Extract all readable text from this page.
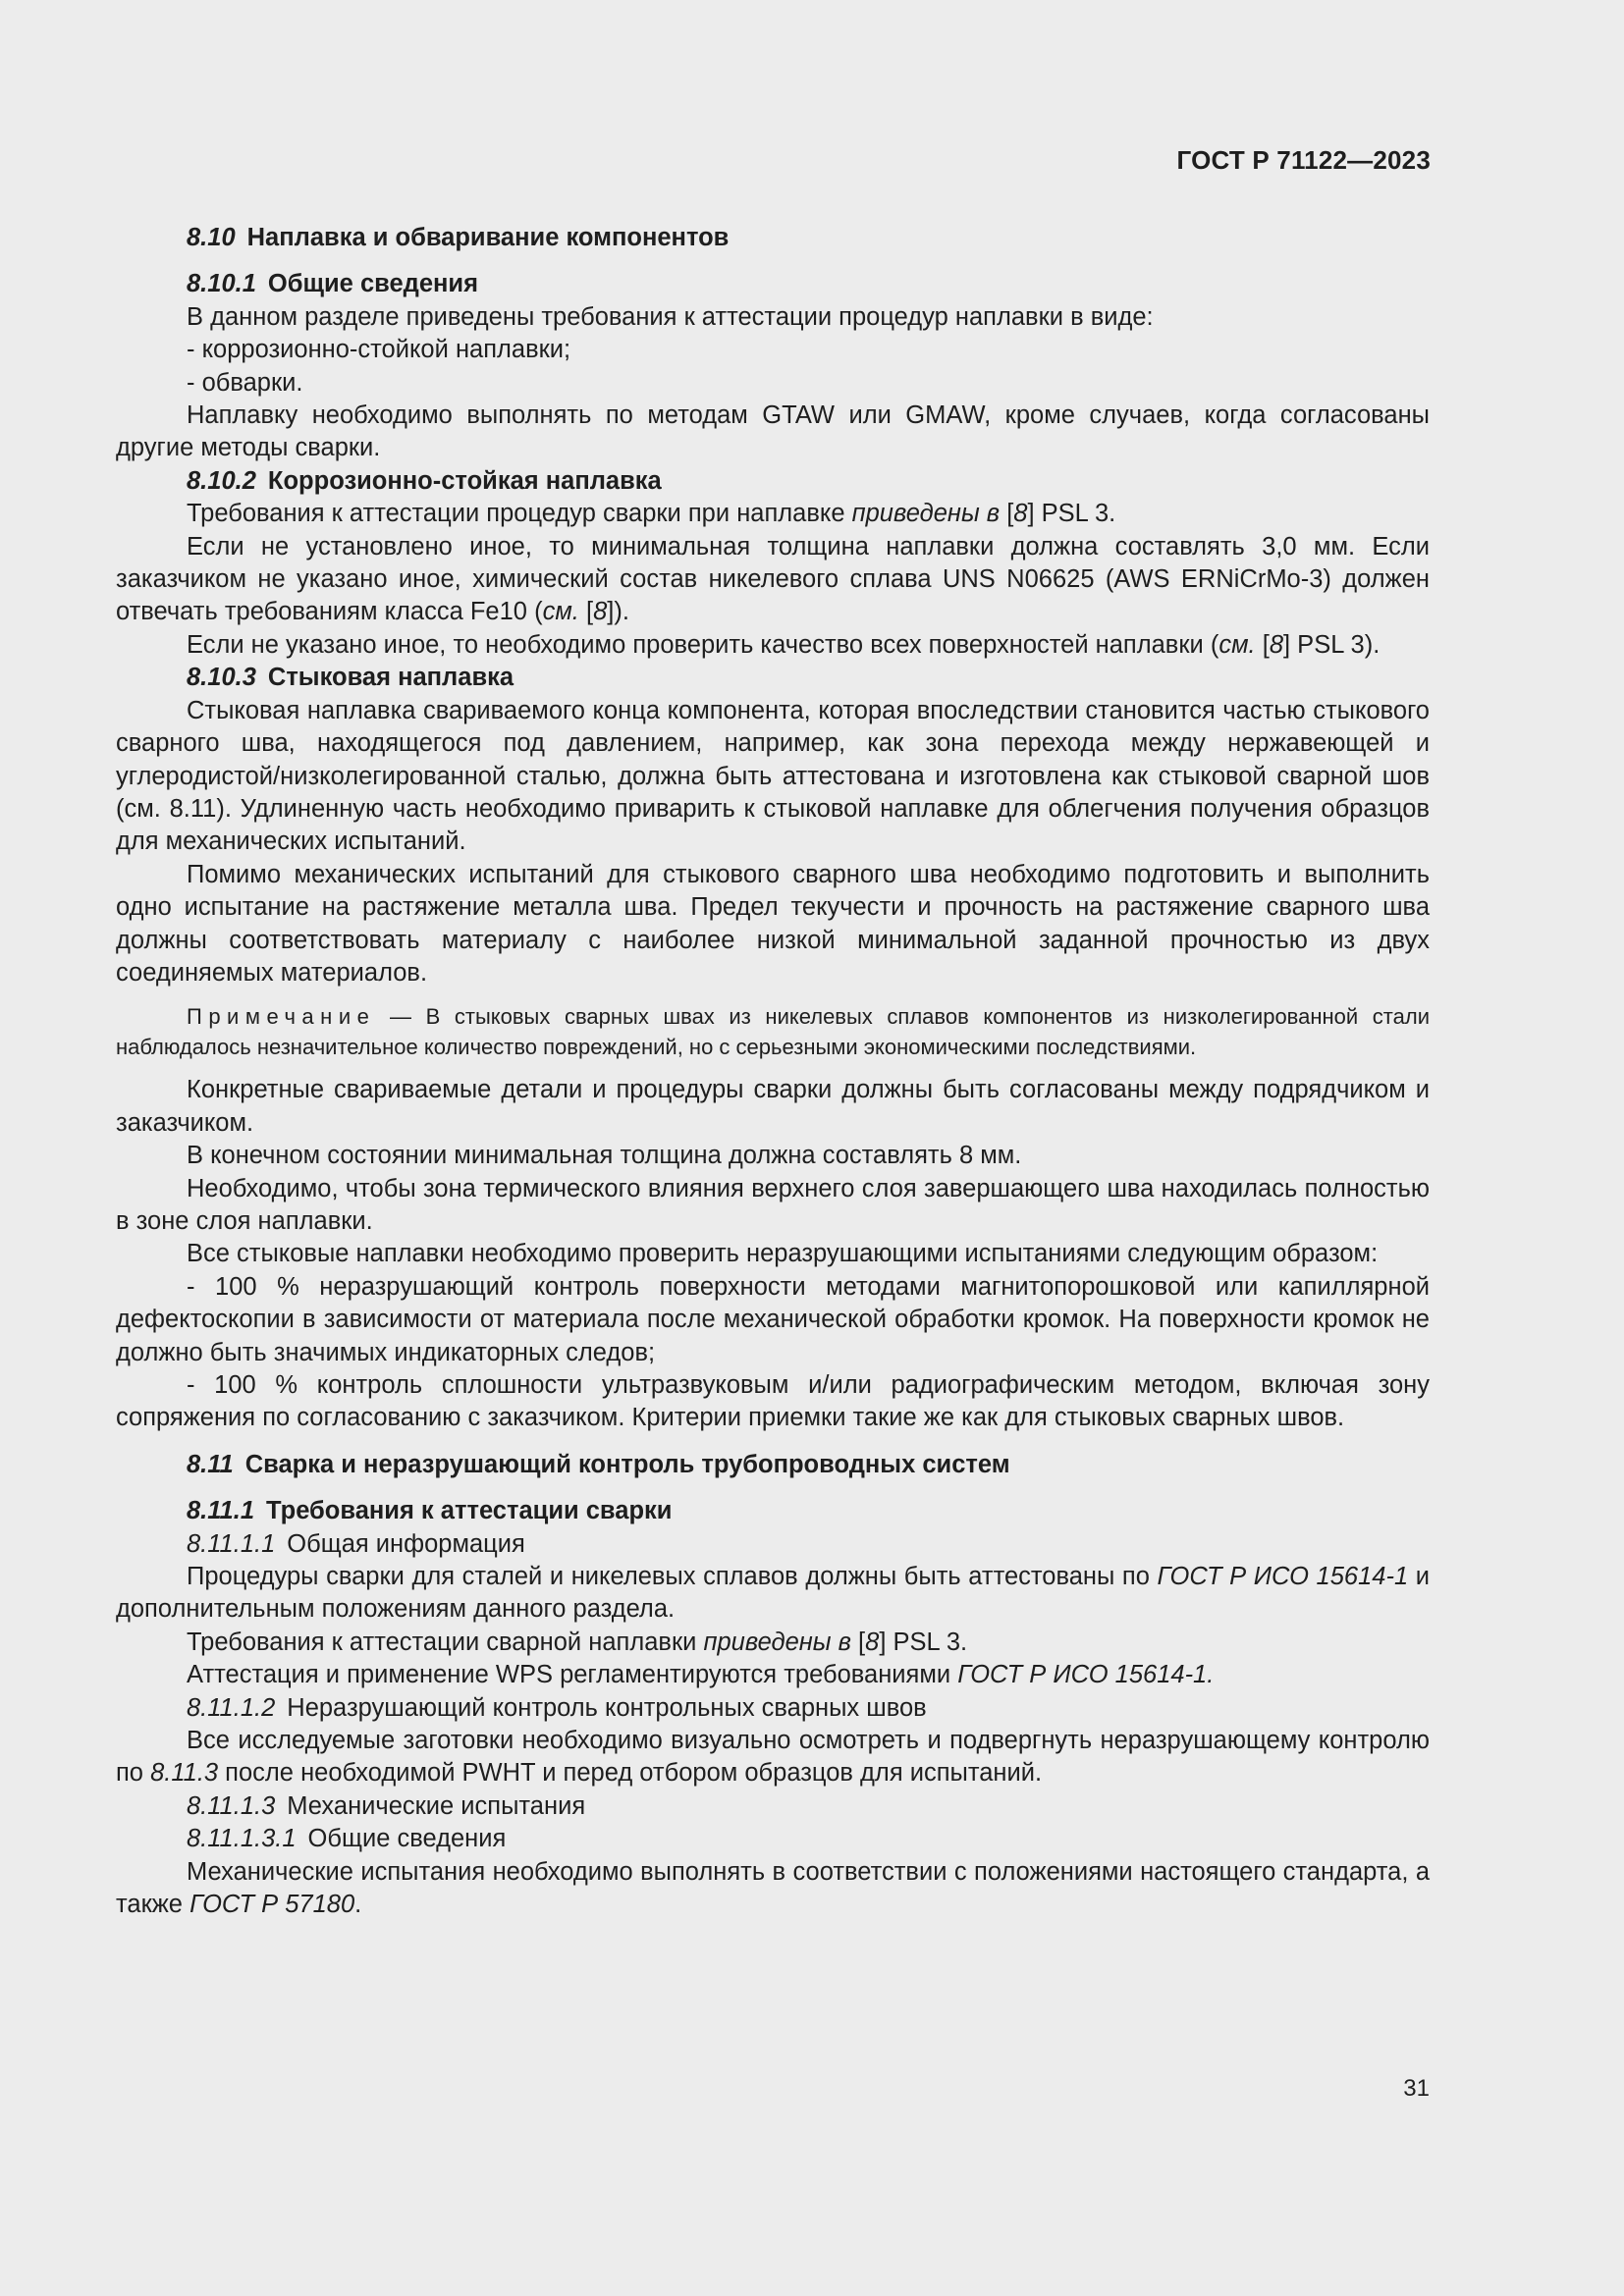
ГОСТ Р 71122—2023

8.10 Наплавка и обваривание компонентов

8.10.1 Общие сведения

В данном разделе приведены требования к аттестации процедур наплавки в виде:

- коррозионно-стойкой наплавки;

- обварки.

Наплавку необходимо выполнять по методам GTAW или GMAW, кроме случаев, когда согласованы другие методы сварки.

8.10.2 Коррозионно-стойкая наплавка

Требования к аттестации процедур сварки при наплавке приведены в [8] PSL 3.

Если не установлено иное, то минимальная толщина наплавки должна составлять 3,0 мм. Если заказчиком не указано иное, химический состав никелевого сплава UNS N06625 (AWS ERNiCrMo-3) должен отвечать требованиям класса Fe10 (см. [8]).

Если не указано иное, то необходимо проверить качество всех поверхностей наплавки (см. [8] PSL 3).

8.10.3 Стыковая наплавка

Стыковая наплавка свариваемого конца компонента, которая впоследствии становится частью стыкового сварного шва, находящегося под давлением, например, как зона перехода между нержавеющей и углеродистой/низколегированной сталью, должна быть аттестована и изготовлена как стыковой сварной шов (см. 8.11). Удлиненную часть необходимо приварить к стыковой наплавке для облегчения получения образцов для механических испытаний.

Помимо механических испытаний для стыкового сварного шва необходимо подготовить и выполнить одно испытание на растяжение металла шва. Предел текучести и прочность на растяжение сварного шва должны соответствовать материалу с наиболее низкой минимальной заданной прочностью из двух соединяемых материалов.

Примечание — В стыковых сварных швах из никелевых сплавов компонентов из низколегированной стали наблюдалось незначительное количество повреждений, но с серьезными экономическими последствиями.

Конкретные свариваемые детали и процедуры сварки должны быть согласованы между подрядчиком и заказчиком.

В конечном состоянии минимальная толщина должна составлять 8 мм.

Необходимо, чтобы зона термического влияния верхнего слоя завершающего шва находилась полностью в зоне слоя наплавки.

Все стыковые наплавки необходимо проверить неразрушающими испытаниями следующим образом:

- 100 % неразрушающий контроль поверхности методами магнитопорошковой или капиллярной дефектоскопии в зависимости от материала после механической обработки кромок. На поверхности кромок не должно быть значимых индикаторных следов;

- 100 % контроль сплошности ультразвуковым и/или радиографическим методом, включая зону сопряжения по согласованию с заказчиком. Критерии приемки такие же как для стыковых сварных швов.

8.11 Сварка и неразрушающий контроль трубопроводных систем

8.11.1 Требования к аттестации сварки

8.11.1.1 Общая информация

Процедуры сварки для сталей и никелевых сплавов должны быть аттестованы по ГОСТ Р ИСО 15614-1 и дополнительным положениям данного раздела.

Требования к аттестации сварной наплавки приведены в [8] PSL 3.

Аттестация и применение WPS регламентируются требованиями ГОСТ Р ИСО 15614-1.

8.11.1.2 Неразрушающий контроль контрольных сварных швов

Все исследуемые заготовки необходимо визуально осмотреть и подвергнуть неразрушающему контролю по 8.11.3 после необходимой PWHT и перед отбором образцов для испытаний.

8.11.1.3 Механические испытания

8.11.1.3.1 Общие сведения

Механические испытания необходимо выполнять в соответствии с положениями настоящего стандарта, а также ГОСТ Р 57180.

31
